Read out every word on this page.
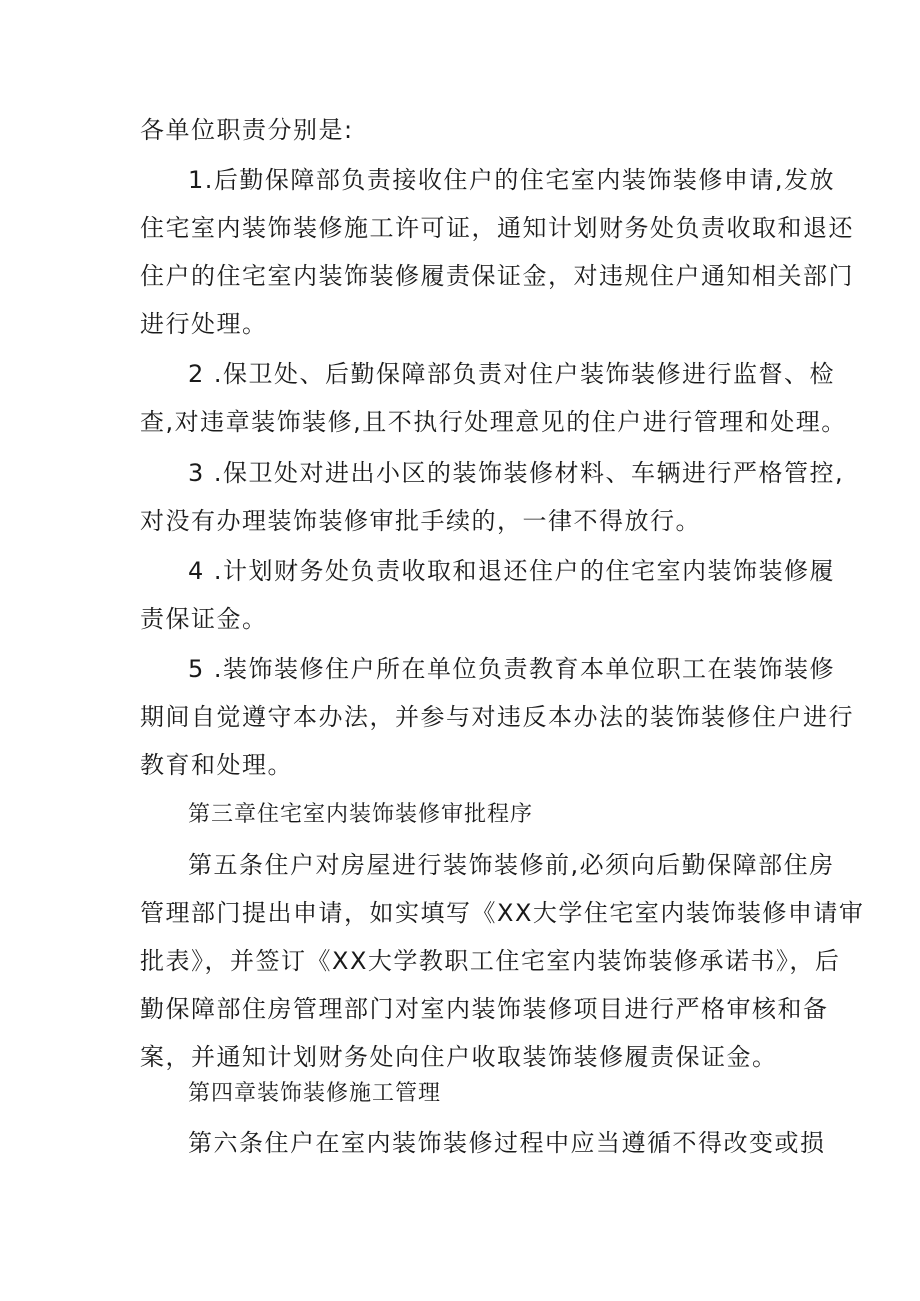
各单位职责分别是:
1.后勤保障部负责接收住户的住宅室内装饰装修申请,发放
住宅室内装饰装修施工许可证，通知计划财务处负责收取和退还
住户的住宅室内装饰装修履责保证金，对违规住户通知相关部门
进行处理。
2 .保卫处、后勤保障部负责对住户装饰装修进行监督、检
查,对违章装饰装修,且不执行处理意见的住户进行管理和处理。
3 .保卫处对进出小区的装饰装修材料、车辆进行严格管控,
对没有办理装饰装修审批手续的，一律不得放行。
4 .计划财务处负责收取和退还住户的住宅室内装饰装修履
责保证金。
5 .装饰装修住户所在单位负责教育本单位职工在装饰装修
期间自觉遵守本办法，并参与对违反本办法的装饰装修住户进行
教育和处理。
第三章住宅室内装饰装修审批程序
第五条住户对房屋进行装饰装修前,必须向后勤保障部住房
管理部门提出申请，如实填写《XX大学住宅室内装饰装修申请审
批表》，并签订《XX大学教职工住宅室内装饰装修承诺书》，后
勤保障部住房管理部门对室内装饰装修项目进行严格审核和备
案，并通知计划财务处向住户收取装饰装修履责保证金。
第四章装饰装修施工管理
第六条住户在室内装饰装修过程中应当遵循不得改变或损
